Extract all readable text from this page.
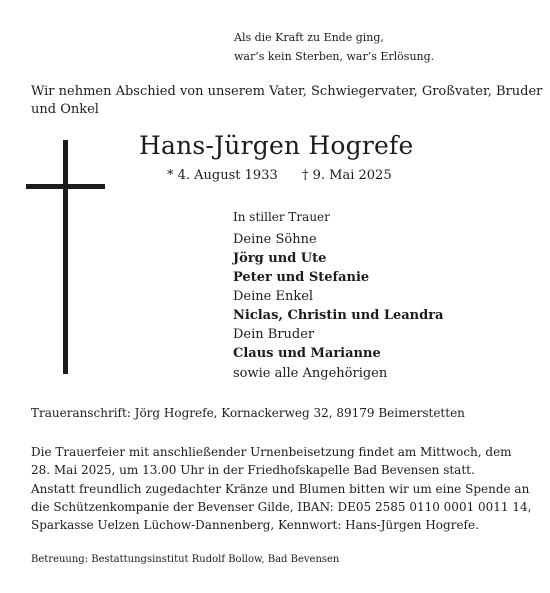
Als die Kraft zu Ende ging,
war’s kein Sterben, war’s Erlösung.
Wir nehmen Abschied von unserem Vater, Schwiegervater, Großvater, Bruder
und Onkel
Hans-Jürgen Hogrefe
* 4. August 1933 † 9. Mai 2025
In stiller Trauer
Deine Söhne
Jörg und Ute
Peter und Stefanie
Deine Enkel
Niclas, Christin und Leandra
Dein Bruder
Claus und Marianne
sowie alle Angehörigen
Traueranschrift: Jörg Hogrefe, Kornackerweg 32, 89179 Beimerstetten
Die Trauerfeier mit anschließender Urnenbeisetzung findet am Mittwoch, dem
28. Mai 2025, um 13.00 Uhr in der Friedhofskapelle Bad Bevensen statt.
Anstatt freundlich zugedachter Kränze und Blumen bitten wir um eine Spende an
die Schützenkompanie der Bevenser Gilde, IBAN: DE05 2585 0110 0001 0011 14,
Sparkasse Uelzen Lüchow-Dannenberg, Kennwort: Hans-Jürgen Hogrefe.
Betreuung: Bestattungsinstitut Rudolf Bollow, Bad Bevensen
